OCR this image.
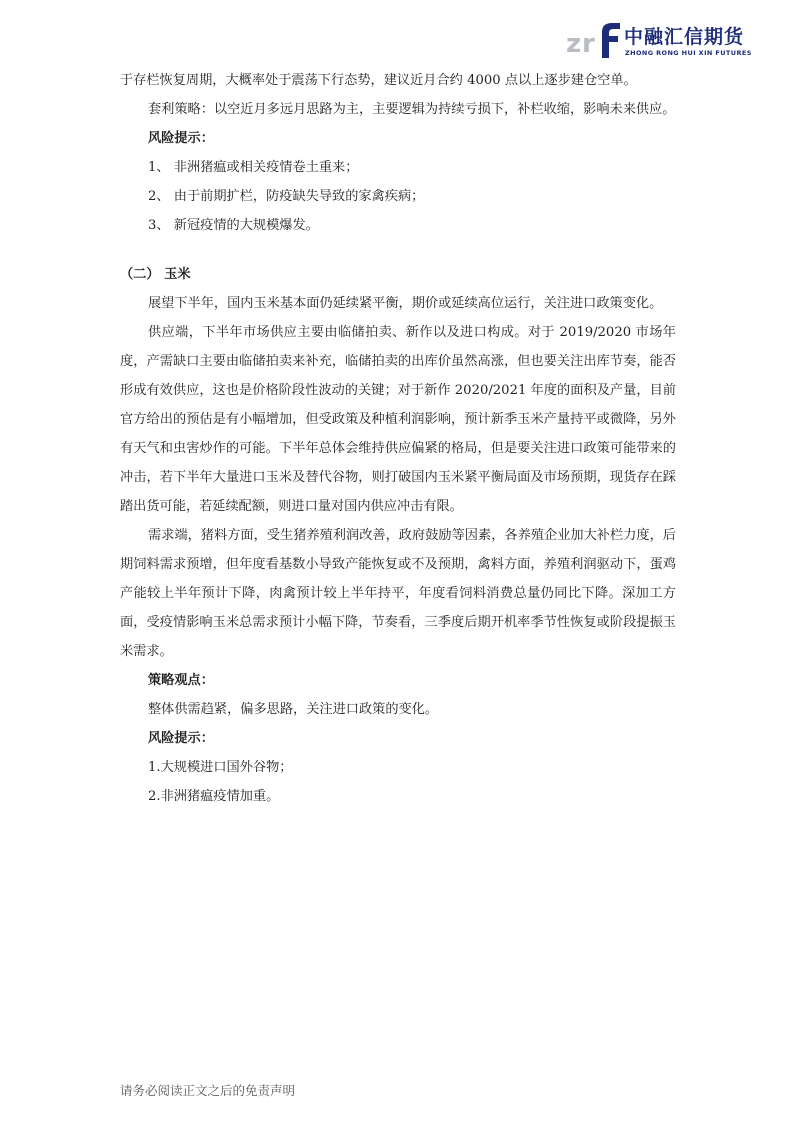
z r 中融汇信期货
ZHONG RONG HUI XIN FUTURES

于存栏恢复周期，大概率处于震荡下行态势，建议近月合约 4000 点以上逐步建仓空单。

套利策略：以空近月多远月思路为主，主要逻辑为持续亏损下，补栏收缩，影响未来供应。

风险提示：

1、 非洲猪瘟或相关疫情卷土重来；

2、 由于前期扩栏，防疫缺失导致的家禽疾病；

3、 新冠疫情的大规模爆发。

（二） 玉米

展望下半年，国内玉米基本面仍延续紧平衡，期价或延续高位运行，关注进口政策变化。

供应端，下半年市场供应主要由临储拍卖、新作以及进口构成。对于 2019/2020 市场年度，产需缺口主要由临储拍卖来补充，临储拍卖的出库价虽然高涨，但也要关注出库节奏，能否形成有效供应，这也是价格阶段性波动的关键；对于新作 2020/2021 年度的面积及产量，目前官方给出的预估是有小幅增加，但受政策及种植利润影响，预计新季玉米产量持平或微降，另外有天气和虫害炒作的可能。下半年总体会维持供应偏紧的格局，但是要关注进口政策可能带来的冲击，若下半年大量进口玉米及替代谷物，则打破国内玉米紧平衡局面及市场预期，现货存在踩踏出货可能，若延续配额，则进口量对国内供应冲击有限。

需求端，猪料方面，受生猪养殖利润改善，政府鼓励等因素，各养殖企业加大补栏力度，后期饲料需求预增，但年度看基数小导致产能恢复或不及预期，禽料方面，养殖利润驱动下，蛋鸡产能较上半年预计下降，肉禽预计较上半年持平，年度看饲料消费总量仍同比下降。深加工方面，受疫情影响玉米总需求预计小幅下降，节奏看，三季度后期开机率季节性恢复或阶段提振玉米需求。

策略观点：

整体供需趋紧，偏多思路，关注进口政策的变化。

风险提示：

1.大规模进口国外谷物；

2.非洲猪瘟疫情加重。

请务必阅读正文之后的免责声明
